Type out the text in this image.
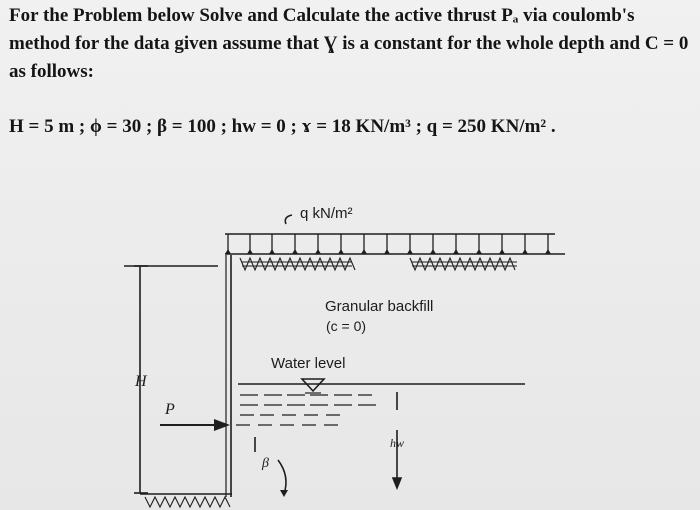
For the Problem below Solve and Calculate the active thrust Pₐ via coulomb's method for the data given assume that Ɣ is a constant for the whole depth and C = 0 as follows:
H = 5 m ; ϕ = 30 ; β = 100 ; hw = 0 ; ɤ = 18 KN/m³ ; q = 250 KN/m² .
q kN/m²
Granular backfill
(c = 0)
Water level
H
P
β
hw
